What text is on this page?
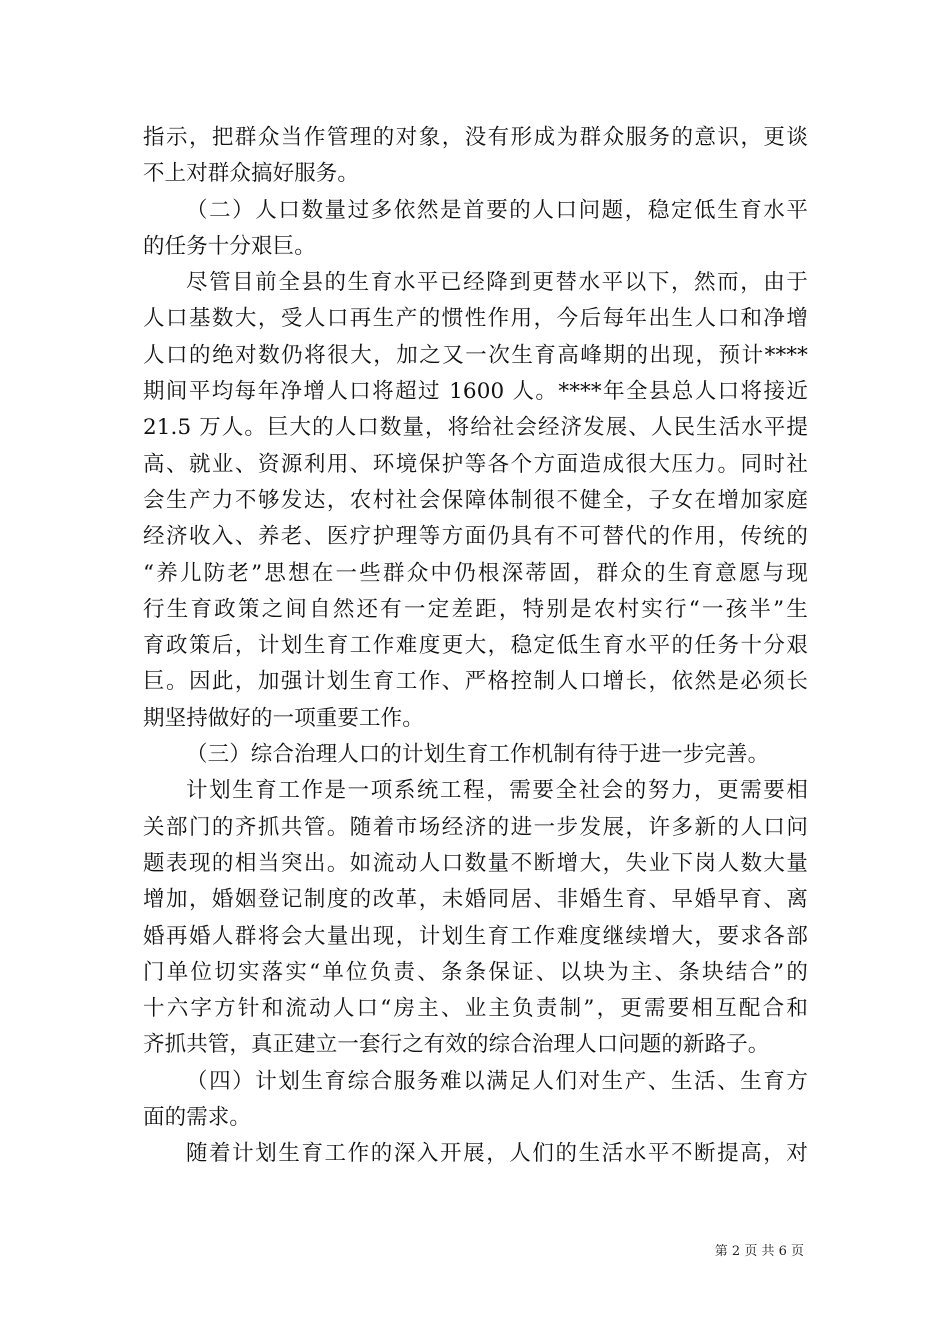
指示，把群众当作管理的对象，没有形成为群众服务的意识，更谈
不上对群众搞好服务。
（二）人口数量过多依然是首要的人口问题，稳定低生育水平
的任务十分艰巨。
尽管目前全县的生育水平已经降到更替水平以下，然而，由于
人口基数大，受人口再生产的惯性作用，今后每年出生人口和净增
人口的绝对数仍将很大，加之又一次生育高峰期的出现，预计****
期间平均每年净增人口将超过 1600 人。****年全县总人口将接近
21.5 万人。巨大的人口数量，将给社会经济发展、人民生活水平提
高、就业、资源利用、环境保护等各个方面造成很大压力。同时社
会生产力不够发达，农村社会保障体制很不健全，子女在增加家庭
经济收入、养老、医疗护理等方面仍具有不可替代的作用，传统的
“养儿防老”思想在一些群众中仍根深蒂固，群众的生育意愿与现
行生育政策之间自然还有一定差距，特别是农村实行“一孩半”生
育政策后，计划生育工作难度更大，稳定低生育水平的任务十分艰
巨。因此，加强计划生育工作、严格控制人口增长，依然是必须长
期坚持做好的一项重要工作。
（三）综合治理人口的计划生育工作机制有待于进一步完善。
计划生育工作是一项系统工程，需要全社会的努力，更需要相
关部门的齐抓共管。随着市场经济的进一步发展，许多新的人口问
题表现的相当突出。如流动人口数量不断增大，失业下岗人数大量
增加，婚姻登记制度的改革，未婚同居、非婚生育、早婚早育、离
婚再婚人群将会大量出现，计划生育工作难度继续增大，要求各部
门单位切实落实“单位负责、条条保证、以块为主、条块结合”的
十六字方针和流动人口“房主、业主负责制”，更需要相互配合和
齐抓共管，真正建立一套行之有效的综合治理人口问题的新路子。
（四）计划生育综合服务难以满足人们对生产、生活、生育方
面的需求。
随着计划生育工作的深入开展，人们的生活水平不断提高，对
第 2 页 共 6 页
